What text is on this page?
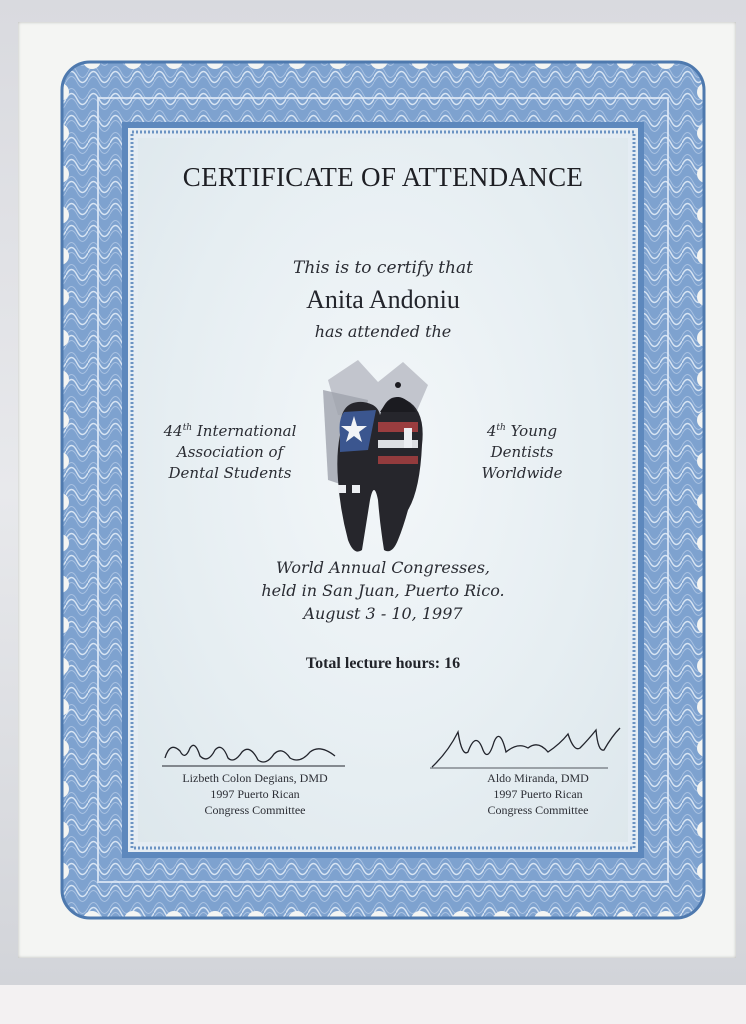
CERTIFICATE OF ATTENDANCE
This is to certify that
Anita Andoniu
has attended the
44th International
Association of
Dental Students
4th Young
Dentists
Worldwide
World Annual Congresses,
held in San Juan, Puerto Rico.
August 3 - 10, 1997
Total lecture hours: 16
Lizbeth Colon Degians, DMD
1997 Puerto Rican
Congress Committee
Aldo Miranda, DMD
1997 Puerto Rican
Congress Committee
